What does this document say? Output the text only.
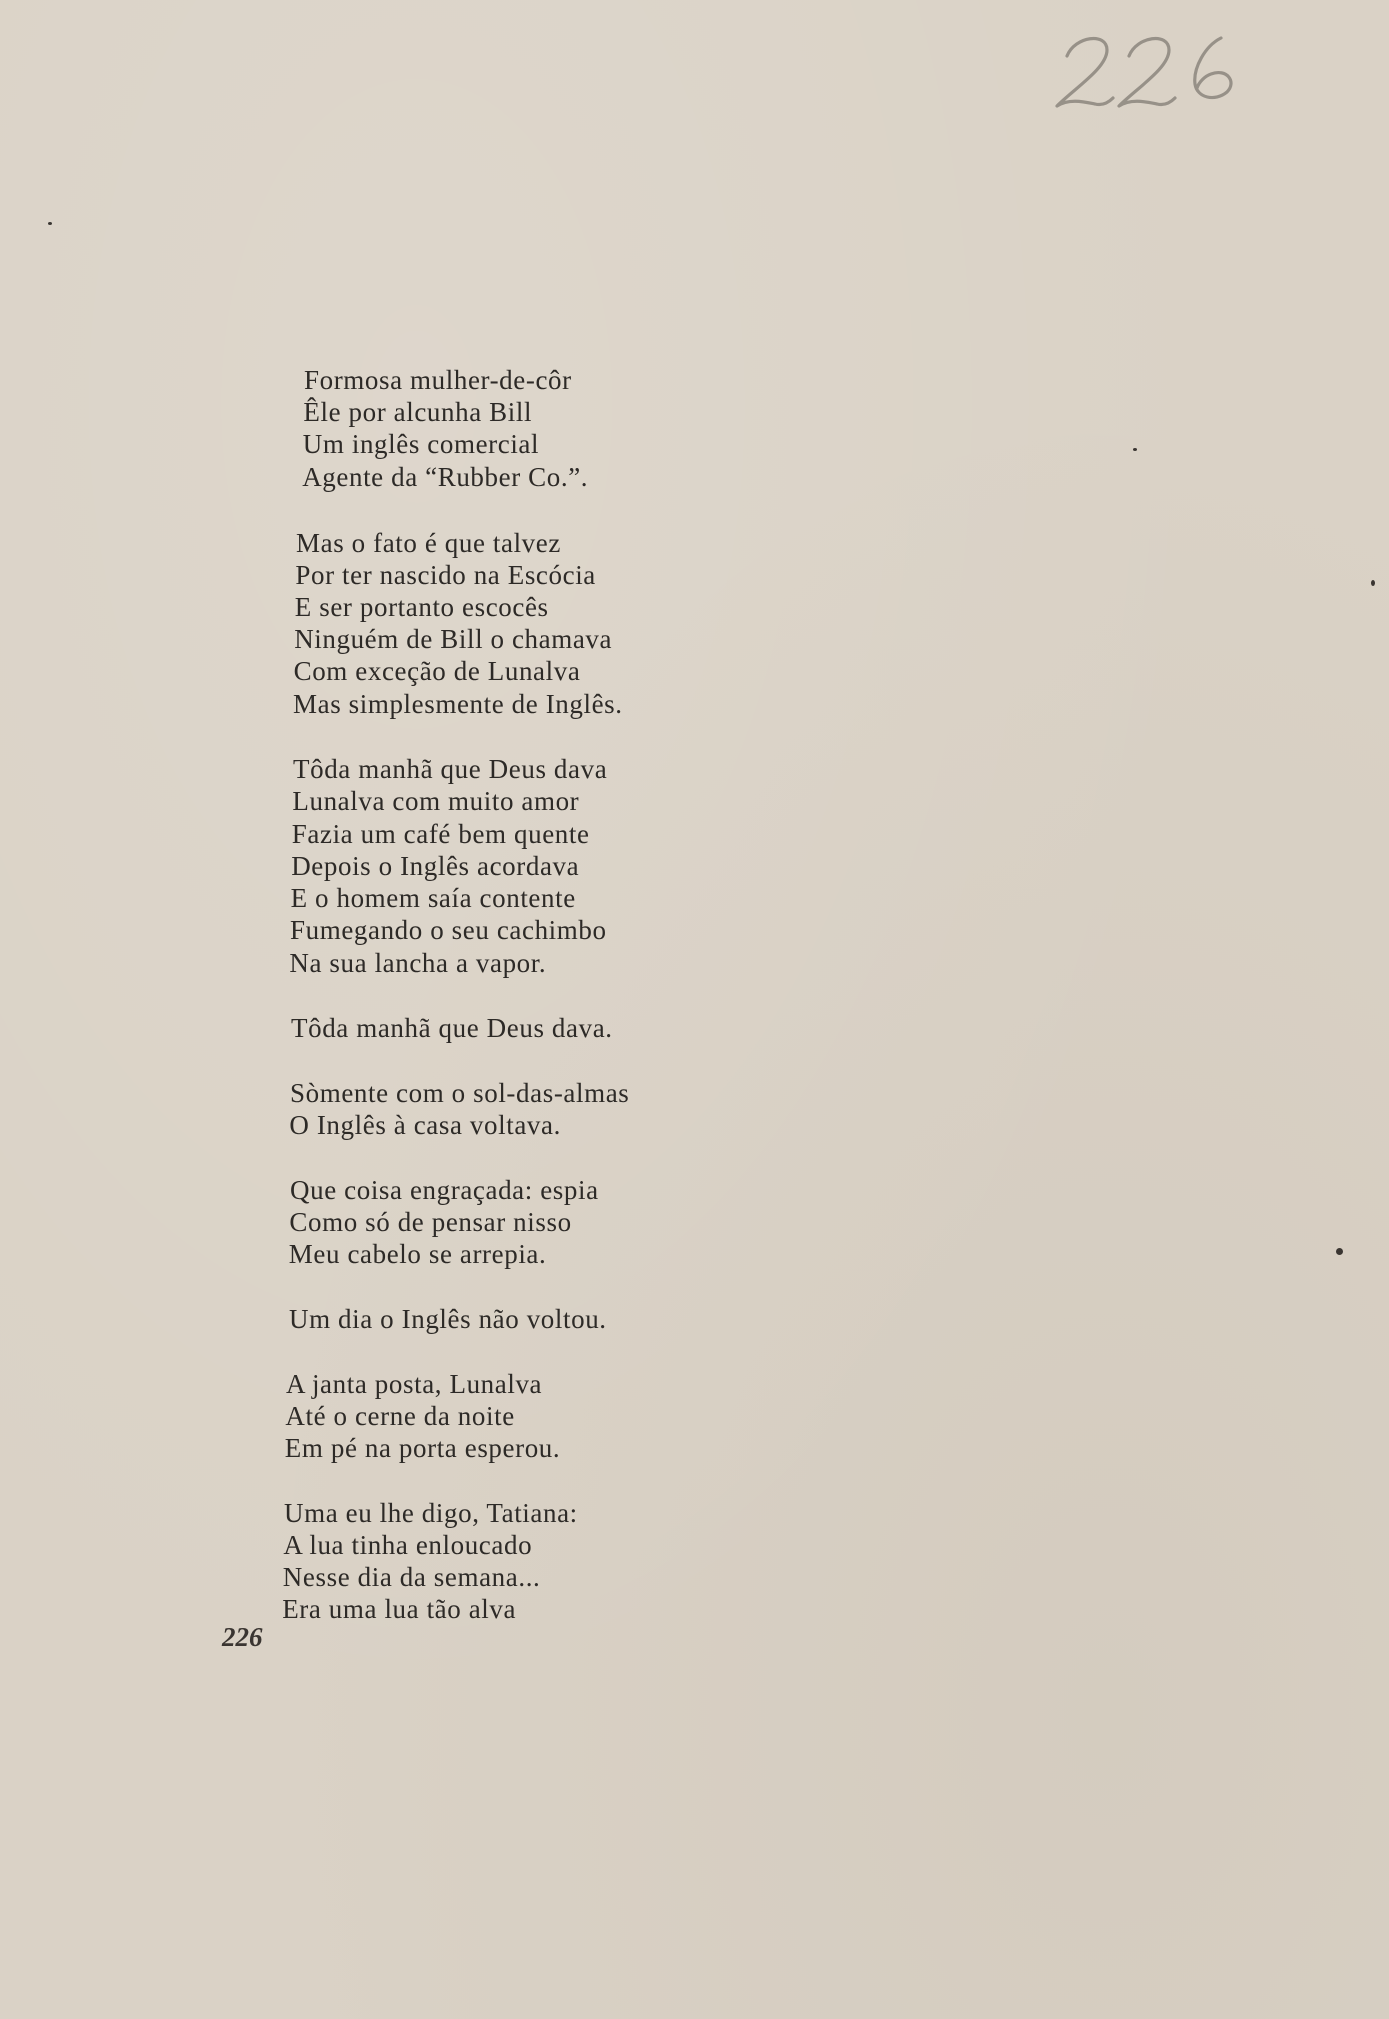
Formosa mulher-de-côr
Êle por alcunha Bill
Um inglês comercial
Agente da “Rubber Co.”.
Mas o fato é que talvez
Por ter nascido na Escócia
E ser portanto escocês
Ninguém de Bill o chamava
Com exceção de Lunalva
Mas simplesmente de Inglês.
Tôda manhã que Deus dava
Lunalva com muito amor
Fazia um café bem quente
Depois o Inglês acordava
E o homem saía contente
Fumegando o seu cachimbo
Na sua lancha a vapor.
Tôda manhã que Deus dava.
Sòmente com o sol-das-almas
O Inglês à casa voltava.
Que coisa engraçada: espia
Como só de pensar nisso
Meu cabelo se arrepia.
Um dia o Inglês não voltou.
A janta posta, Lunalva
Até o cerne da noite
Em pé na porta esperou.
Uma eu lhe digo, Tatiana:
A lua tinha enloucado
Nesse dia da semana...
Era uma lua tão alva
226
